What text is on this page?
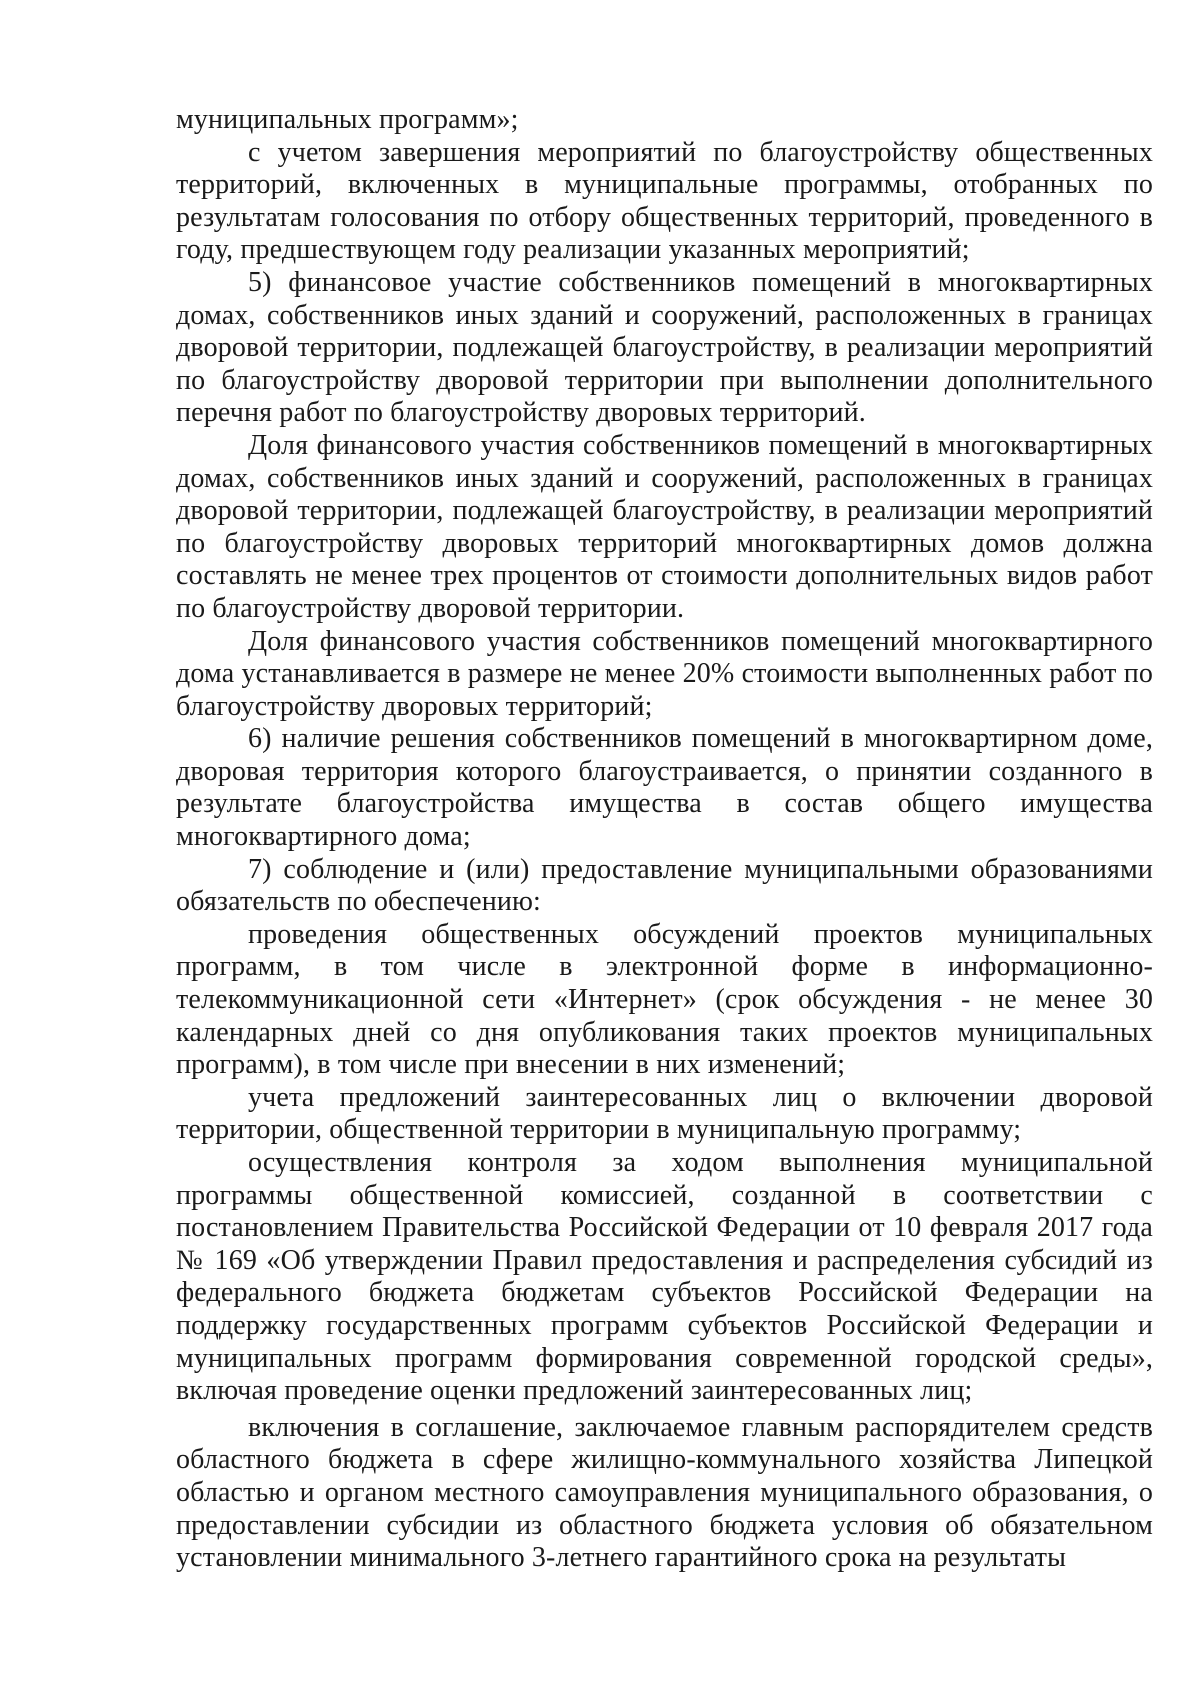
муниципальных программ»;

с учетом завершения мероприятий по благоустройству общественных территорий, включенных в муниципальные программы, отобранных по результатам голосования по отбору общественных территорий, проведенного в году, предшествующем году реализации указанных мероприятий;

5) финансовое участие собственников помещений в многоквартирных домах, собственников иных зданий и сооружений, расположенных в границах дворовой территории, подлежащей благоустройству, в реализации мероприятий по благоустройству дворовой территории при выполнении дополнительного перечня работ по благоустройству дворовых территорий.

Доля финансового участия собственников помещений в многоквартирных домах, собственников иных зданий и сооружений, расположенных в границах дворовой территории, подлежащей благоустройству, в реализации мероприятий по благоустройству дворовых территорий многоквартирных домов должна составлять не менее трех процентов от стоимости дополнительных видов работ по благоустройству дворовой территории.

Доля финансового участия собственников помещений многоквартирного дома устанавливается в размере не менее 20% стоимости выполненных работ по благоустройству дворовых территорий;

6) наличие решения собственников помещений в многоквартирном доме, дворовая территория которого благоустраивается, о принятии созданного в результате благоустройства имущества в состав общего имущества многоквартирного дома;

7) соблюдение и (или) предоставление муниципальными образованиями обязательств по обеспечению:

проведения общественных обсуждений проектов муниципальных программ, в том числе в электронной форме в информационно-телекоммуникационной сети «Интернет» (срок обсуждения - не менее 30 календарных дней со дня опубликования таких проектов муниципальных программ), в том числе при внесении в них изменений;

учета предложений заинтересованных лиц о включении дворовой территории, общественной территории в муниципальную программу;

осуществления контроля за ходом выполнения муниципальной программы общественной комиссией, созданной в соответствии с постановлением Правительства Российской Федерации от 10 февраля 2017 года № 169 «Об утверждении Правил предоставления и распределения субсидий из федерального бюджета бюджетам субъектов Российской Федерации на поддержку государственных программ субъектов Российской Федерации и муниципальных программ формирования современной городской среды», включая проведение оценки предложений заинтересованных лиц;

включения в соглашение, заключаемое главным распорядителем средств областного бюджета в сфере жилищно-коммунального хозяйства Липецкой областью и органом местного самоуправления муниципального образования, о предоставлении субсидии из областного бюджета условия об обязательном установлении минимального 3-летнего гарантийного срока на результаты
